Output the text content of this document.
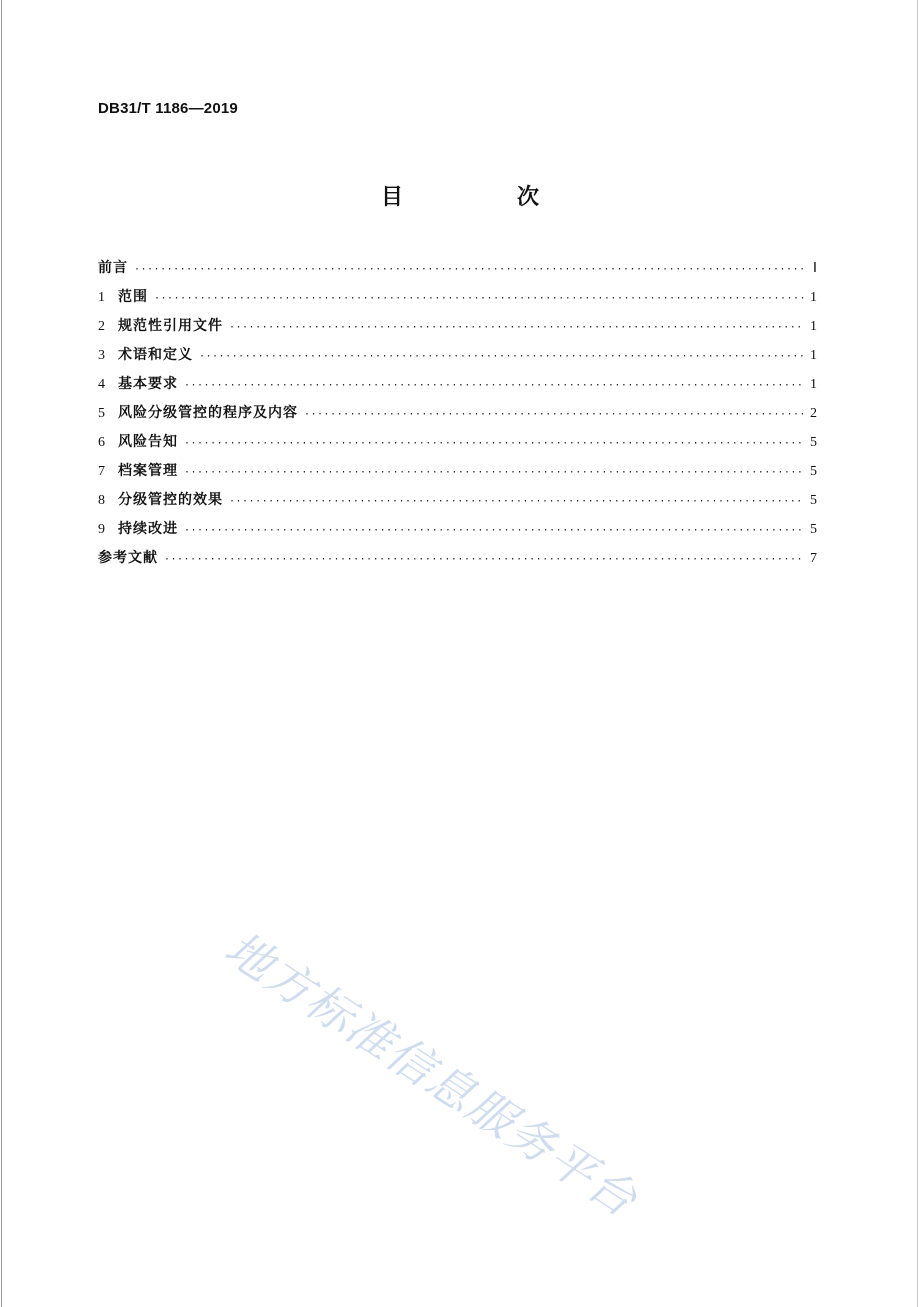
DB31/T 1186—2019
目　次
前言 ·····	Ⅰ
1 范围 ·····	1
2 规范性引用文件 ·····	1
3 术语和定义 ·····	1
4 基本要求 ·····	1
5 风险分级管控的程序及内容 ·····	2
6 风险告知 ·····	5
7 档案管理 ·····	5
8 分级管控的效果 ·····	5
9 持续改进 ·····	5
参考文献 ·····	7
地方标准信息服务平台
